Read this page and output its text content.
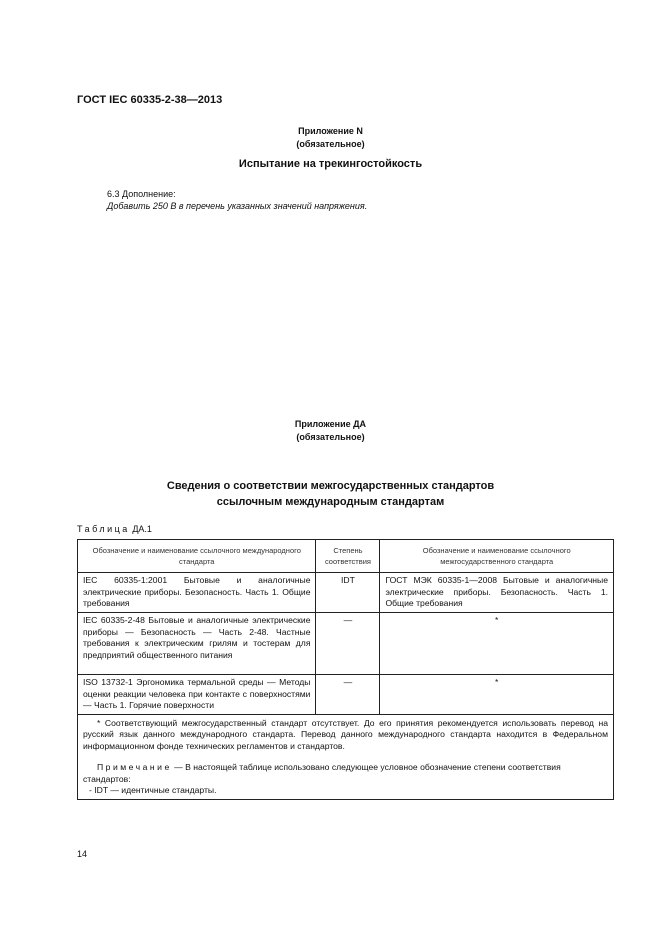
ГОСТ IEC 60335-2-38—2013
Приложение N
(обязательное)
Испытание на трекингостойкость
6.3 Дополнение:
Добавить 250 В в перечень указанных значений напряжения.
Приложение ДА
(обязательное)
Сведения о соответствии межгосударственных стандартов
ссылочным международным стандартам
Таблица ДА.1
Обозначение и наименование ссылочного международного стандарта	Степень соответствия	Обозначение и наименование ссылочного межгосударственного стандарта
IEC 60335-1:2001 Бытовые и аналогичные электрические приборы. Безопасность. Часть 1. Общие требования	IDT	ГОСТ МЭК 60335-1—2008 Бытовые и аналогичные электрические приборы. Безопасность. Часть 1. Общие требования
IEC 60335-2-48 Бытовые и аналогичные электрические приборы — Безопасность — Часть 2-48. Частные требования к электрическим грилям и тостерам для предприятий общественного питания	—	*
ISO 13732-1 Эргономика термальной среды — Методы оценки реакции человека при контакте с поверхностями — Часть 1. Горячие поверхности	—	*

* Соответствующий межгосударственный стандарт отсутствует. До его принятия рекомендуется использовать перевод на русский язык данного международного стандарта. Перевод данного международного стандарта находится в Федеральном информационном фонде технических регламентов и стандартов.
Примечание — В настоящей таблице использовано следующее условное обозначение степени соответствия стандартов:
- IDT — идентичные стандарты.		
14
